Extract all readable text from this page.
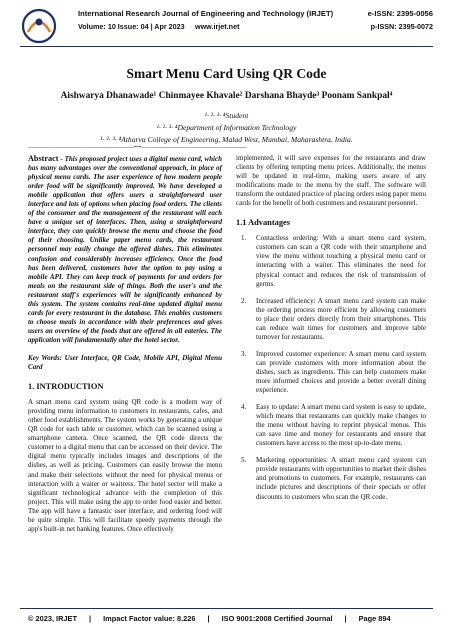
International Research Journal of Engineering and Technology (IRJET)	e-ISSN: 2395-0056
Volume: 10 Issue: 04 | Apr 2023 www.irjet.net	p-ISSN: 2395-0072
Smart Menu Card Using QR Code
Aishwarya Dhanawade¹ Chinmayee Khavale² Darshana Bhayde³ Poonam Sankpal⁴
¹· ²· ³· ⁴Student
¹· ²· ³· ⁴Department of Information Technology
¹· ²· ³· ⁴Atharva College of Engineering, Malad West, Mumbai, Maharashtra, India.
---------------------------------------------------------------------***---------------------------------------------------------------------

Abstract - This proposed project uses a digital menu card, which has many advantages over the conventional approach, in place of physical menu cards. The user experience of how modern people order food will be significantly improved. We have developed a mobile application that offers users a straightforward user interface and lots of options when placing food orders. The clients of the consumer and the management of the restaurant will each have a unique set of interfaces. Then, using a straightforward interface, they can quickly browse the menu and choose the food of their choosing. Unlike paper menu cards, the restaurant personnel may easily change the offered dishes. This eliminates confusion and considerably increases efficiency. Once the food has been delivered, customers have the option to pay using a mobile API. They can keep track of payments for and orders for meals on the restaurant side of things. Both the user's and the restaurant staff's experiences will be significantly enhanced by this system. The system contains real-time updated digital menu cards for every restaurant in the database. This enables customers to choose meals in accordance with their preferences and gives users an overview of the foods that are offered in all eateries. The application will fundamentally alter the hotel sector.

Key Words: User Interface, QR Code, Mobile API, Digital Menu Card

1. INTRODUCTION

A smart menu card system using QR code is a modern way of providing menu information to customers in restaurants, cafes, and other food establishments. The system works by generating a unique QR code for each table or customer, which can be scanned using a smartphone camera. Once scanned, the QR code directs the customer to a digital menu that can be accessed on their device. The digital menu typically includes images and descriptions of the dishes, as well as pricing. Customers can easily browse the menu and make their selections without the need for physical menus or interaction with a waiter or waitress. The hotel sector will make a significant technological advance with the completion of this project. This will make using the app to order food easier and better. The app will have a fantastic user interface, and ordering food will be quite simple. This will facilitate speedy payments through the app's built-in net banking features. Once effectively

implemented, it will save expenses for the restaurants and draw clients by offering tempting menu prices. Additionally, the menus will be updated in real-time, making users aware of any modifications made to the menu by the staff. The software will transform the outdated practice of placing orders using paper menu cards for the benefit of both customers and restaurant personnel.

1.1 Advantages
1. Contactless ordering: With a smart menu card system, customers can scan a QR code with their smartphone and view the menu without touching a physical menu card or interacting with a waiter. This eliminates the need for physical contact and reduces the risk of transmission of germs.
2. Increased efficiency: A smart menu card system can make the ordering process more efficient by allowing customers to place their orders directly from their smartphones. This can reduce wait times for customers and improve table turnover for restaurants.
3. Improved customer experience: A smart menu card system can provide customers with more information about the dishes, such as ingredients. This can help customers make more informed choices and provide a better overall dining experience.
4. Easy to update: A smart menu card system is easy to update, which means that restaurants can quickly make changes to the menu without having to reprint physical menus. This can save time and money for restaurants and ensure that customers have access to the most up-to-date menu.
5. Marketing opportunities: A smart menu card system can provide restaurants with opportunities to market their dishes and promotions to customers. For example, restaurants can include pictures and descriptions of their specials or offer discounts to customers who scan the QR code.
© 2023, IRJET | Impact Factor value: 8.226 | ISO 9001:2008 Certified Journal | Page 894
